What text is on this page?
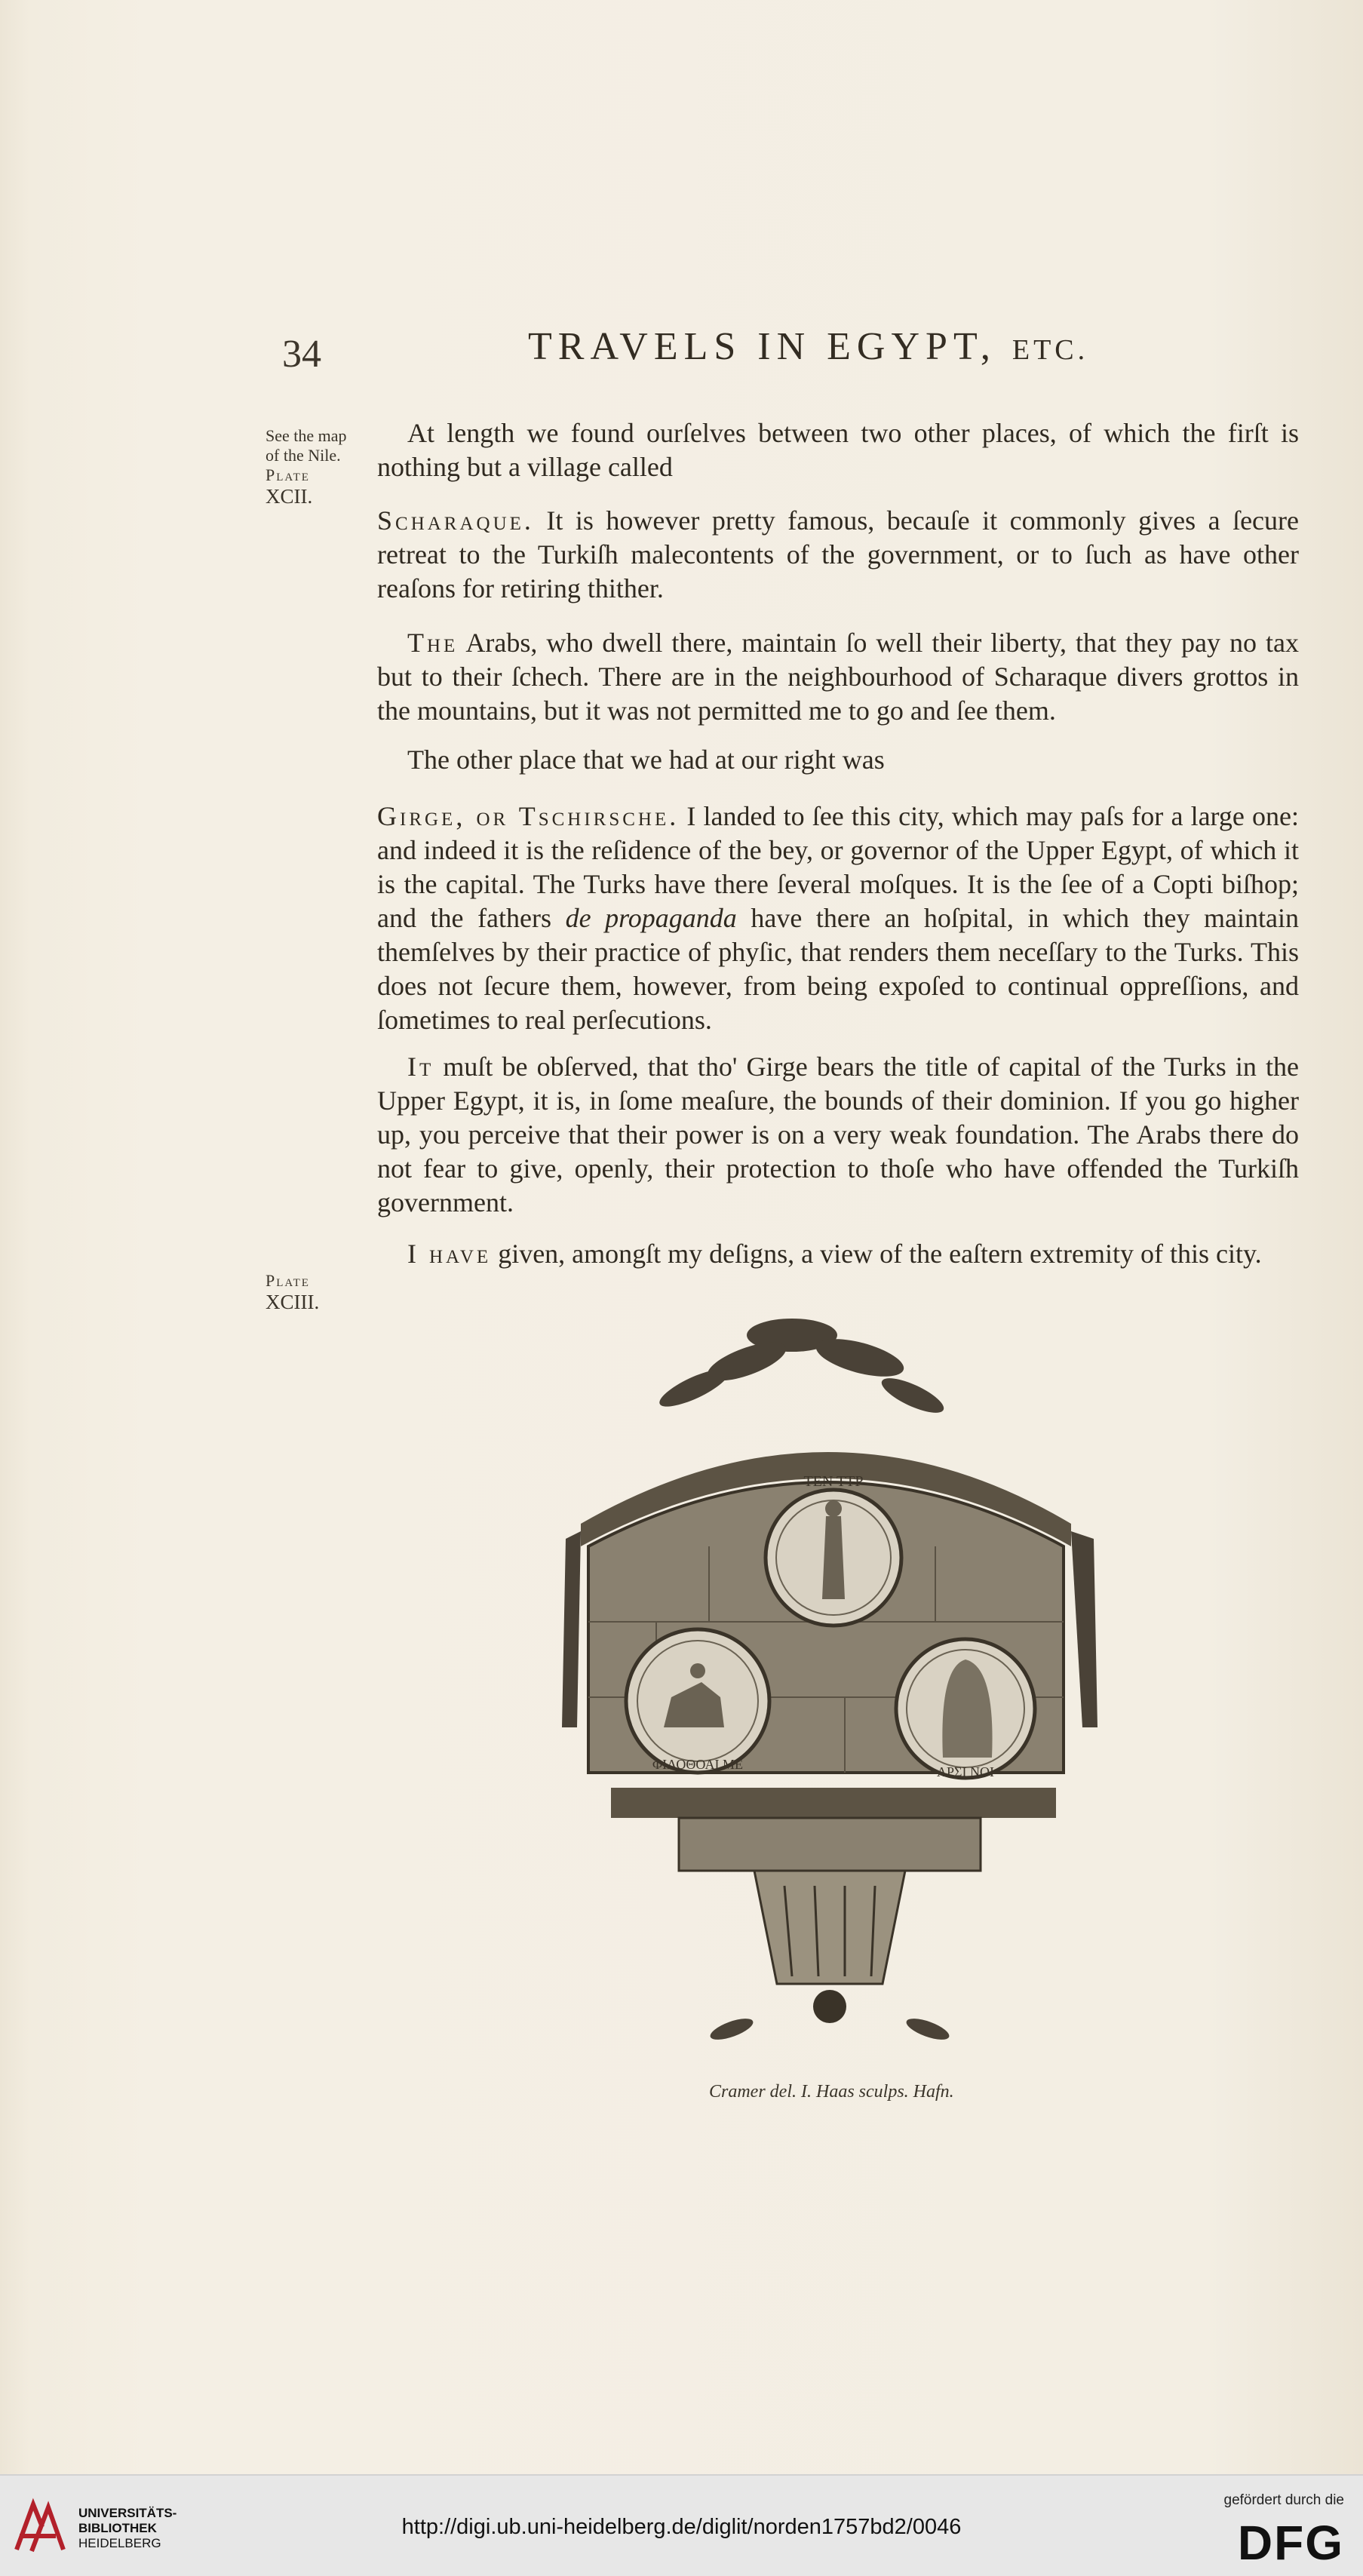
34	TRAVELS IN EGYPT, ETC.
See the map
of the Nile.
Plate
XCII.
Plate
XCIII.
At length we found ourſelves between two other places, of which the firſt is nothing but a village called
Scharaque. It is however pretty famous, becauſe it commonly gives a ſecure retreat to the Turkiſh malecontents of the government, or to ſuch as have other reaſons for retiring thither.
The Arabs, who dwell there, maintain ſo well their liberty, that they pay no tax but to their ſchech. There are in the neighbourhood of Scharaque divers grottos in the mountains, but it was not permitted me to go and ſee them.
The other place that we had at our right was
Girge, or Tschirsche. I landed to ſee this city, which may paſs for a large one: and indeed it is the reſidence of the bey, or governor of the Upper Egypt, of which it is the capital. The Turks have there ſeveral moſques. It is the ſee of a Copti biſhop; and the fathers de propaganda have there an hoſpital, in which they maintain themſelves by their practice of phyſic, that renders them neceſſary to the Turks. This does not ſecure them, however, from being expoſed to continual oppreſſions, and ſometimes to real perſecutions.
It muſt be obſerved, that tho' Girge bears the title of capital of the Turks in the Upper Egypt, it is, in ſome meaſure, the bounds of their dominion. If you go higher up, you perceive that their power is on a very weak foundation. The Arabs there do not fear to give, openly, their protection to thoſe who have offended the Turkiſh government.
I have given, amongſt my deſigns, a view of the eaſtern extremity of this city.
TEN TTP
ΦΙΛΟΘΟΑΙ ΜΕ	ΑΡΣΙ ΝΟΙ
Cramer del. I. Haas sculps. Hafn.
UNIVERSITÄTS-
BIBLIOTHEK
HEIDELBERG
http://digi.ub.uni-heidelberg.de/diglit/norden1757bd2/0046
gefördert durch die
DFG
